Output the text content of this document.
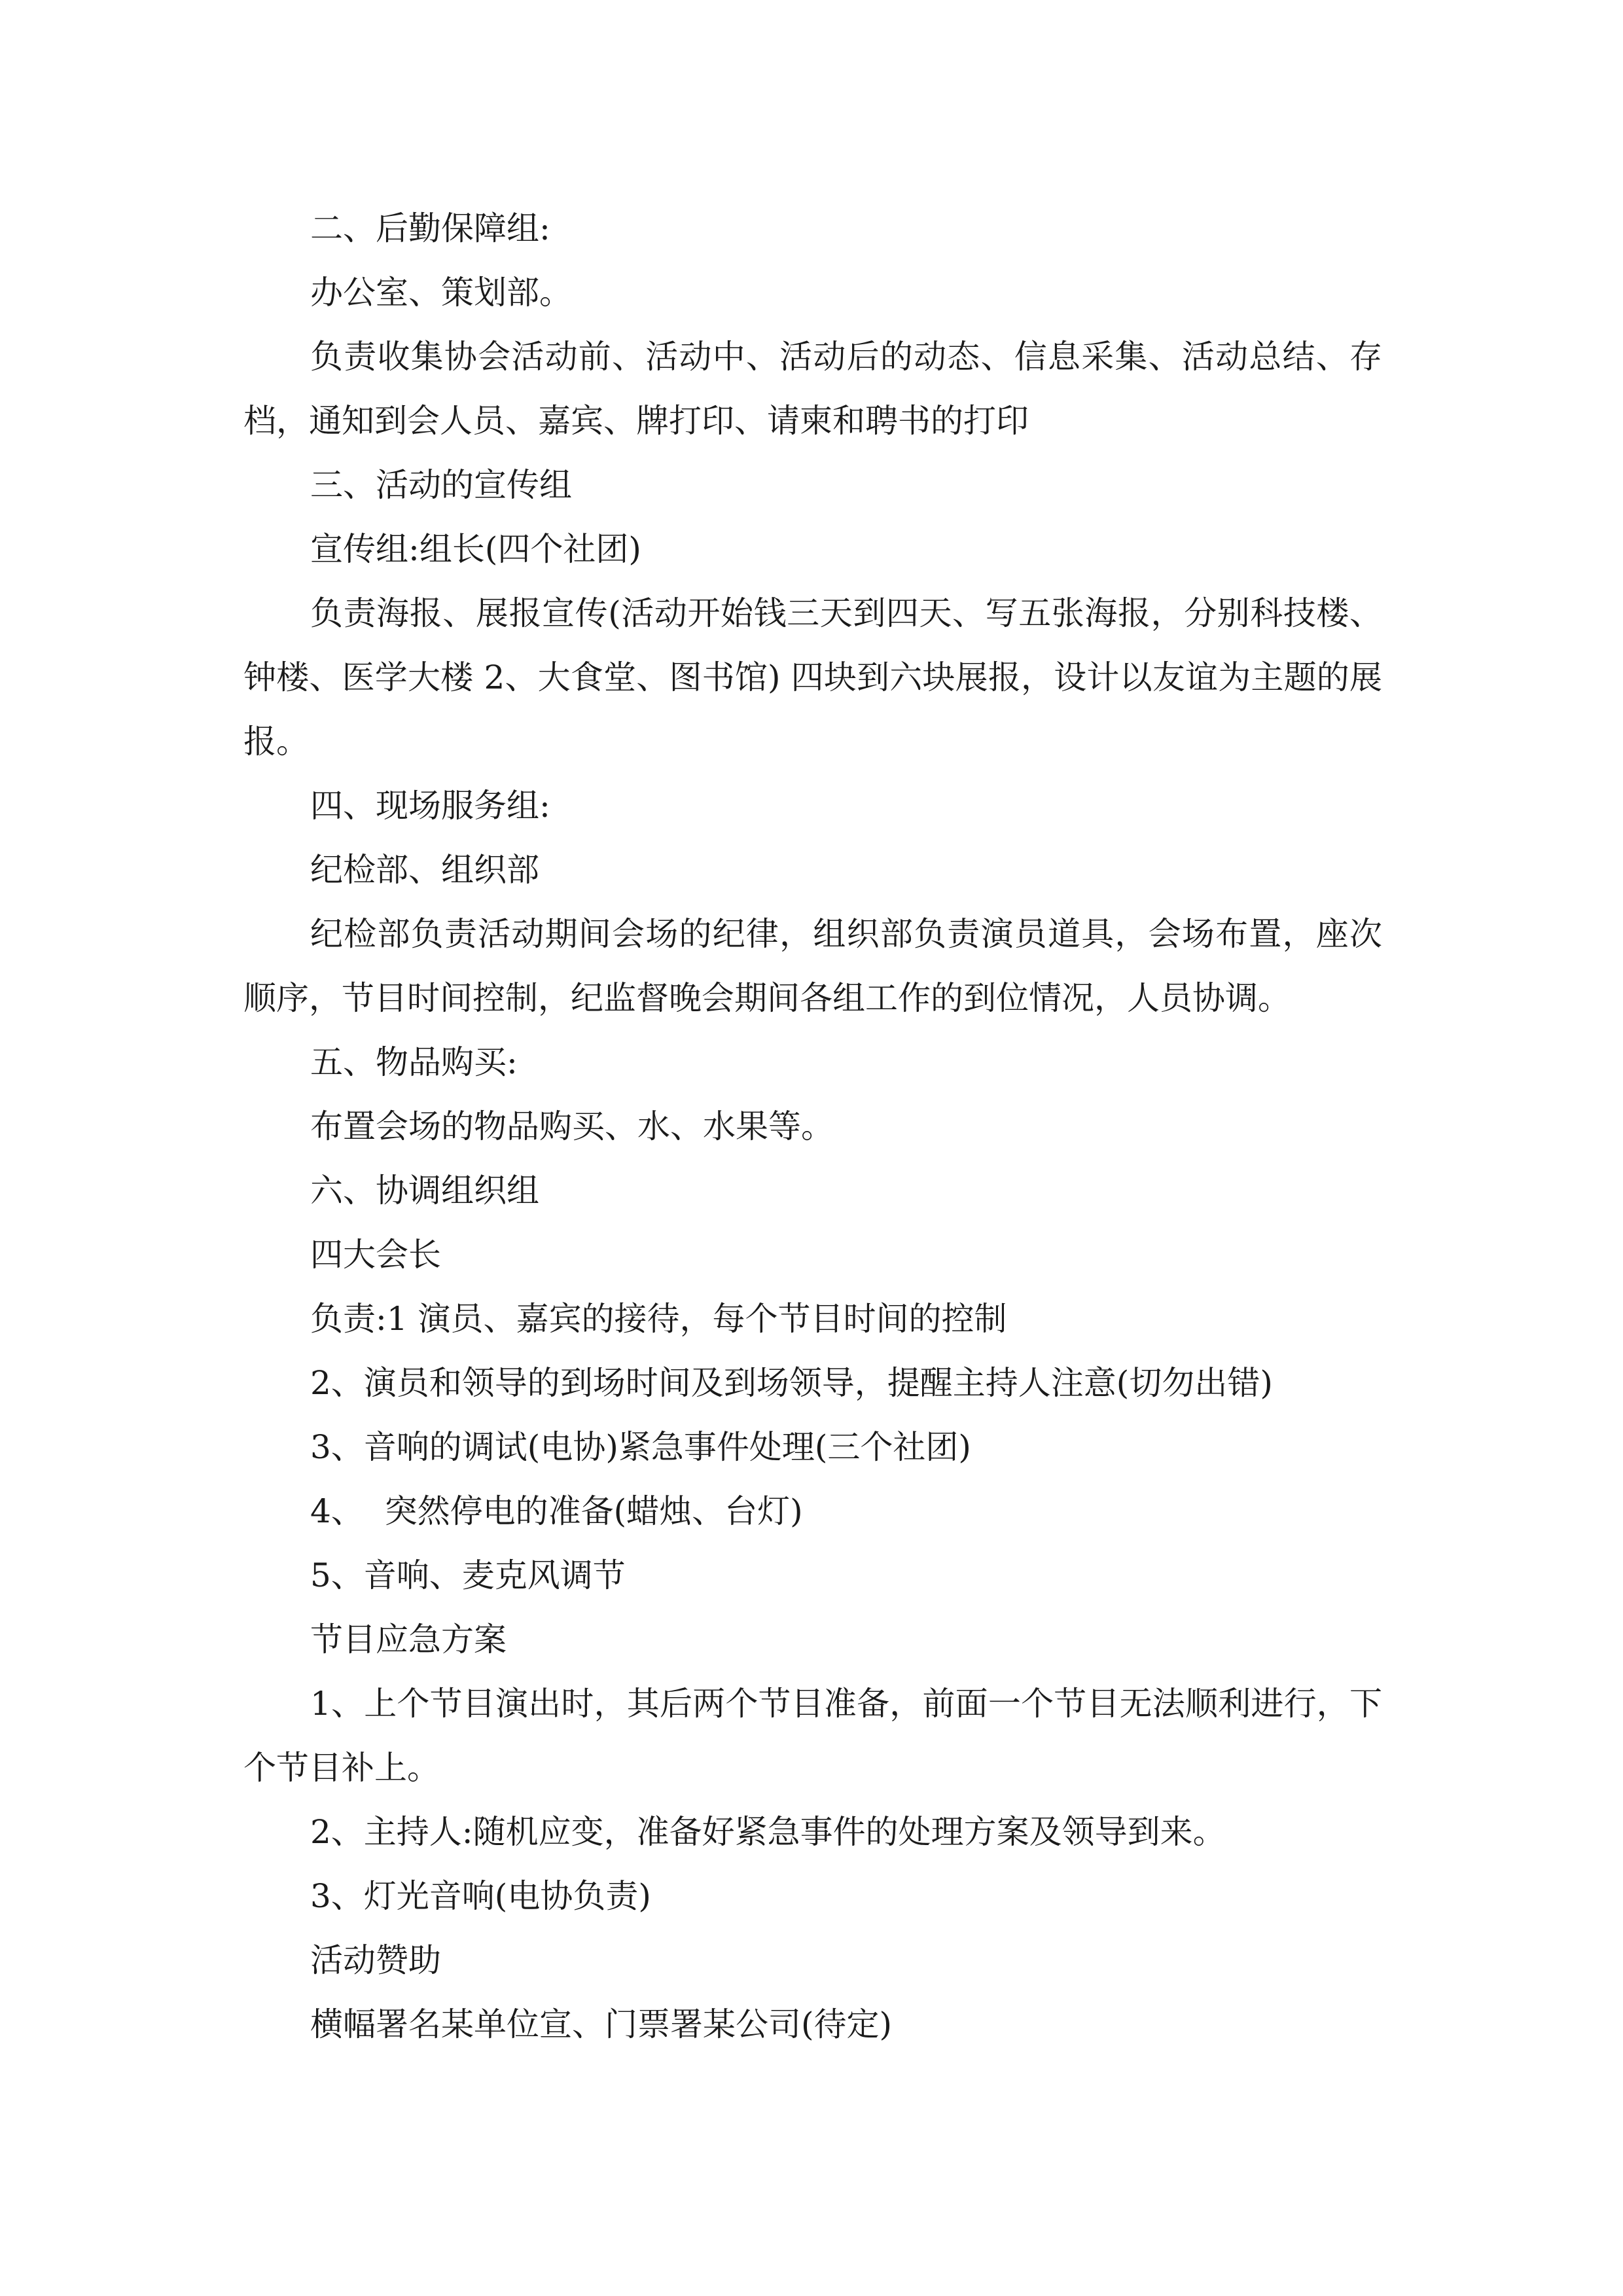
二、后勤保障组:

办公室、策划部。

负责收集协会活动前、活动中、活动后的动态、信息采集、活动总结、存档，通知到会人员、嘉宾、牌打印、请柬和聘书的打印

三、活动的宣传组

宣传组:组长(四个社团)

负责海报、展报宣传(活动开始钱三天到四天、写五张海报，分别科技楼、钟楼、医学大楼 2、大食堂、图书馆) 四块到六块展报，设计以友谊为主题的展报。

四、现场服务组:

纪检部、组织部

纪检部负责活动期间会场的纪律，组织部负责演员道具，会场布置，座次顺序，节目时间控制，纪监督晚会期间各组工作的到位情况，人员协调。

五、物品购买:

布置会场的物品购买、水、水果等。

六、协调组织组

四大会长

负责:1 演员、嘉宾的接待，每个节目时间的控制

2、演员和领导的到场时间及到场领导，提醒主持人注意(切勿出错)

3、音响的调试(电协)紧急事件处理(三个社团)

4、  突然停电的准备(蜡烛、台灯)

5、音响、麦克风调节

节目应急方案

1、上个节目演出时，其后两个节目准备，前面一个节目无法顺利进行，下个节目补上。

2、主持人:随机应变，准备好紧急事件的处理方案及领导到来。

3、灯光音响(电协负责)

活动赞助

横幅署名某单位宣、门票署某公司(待定)
